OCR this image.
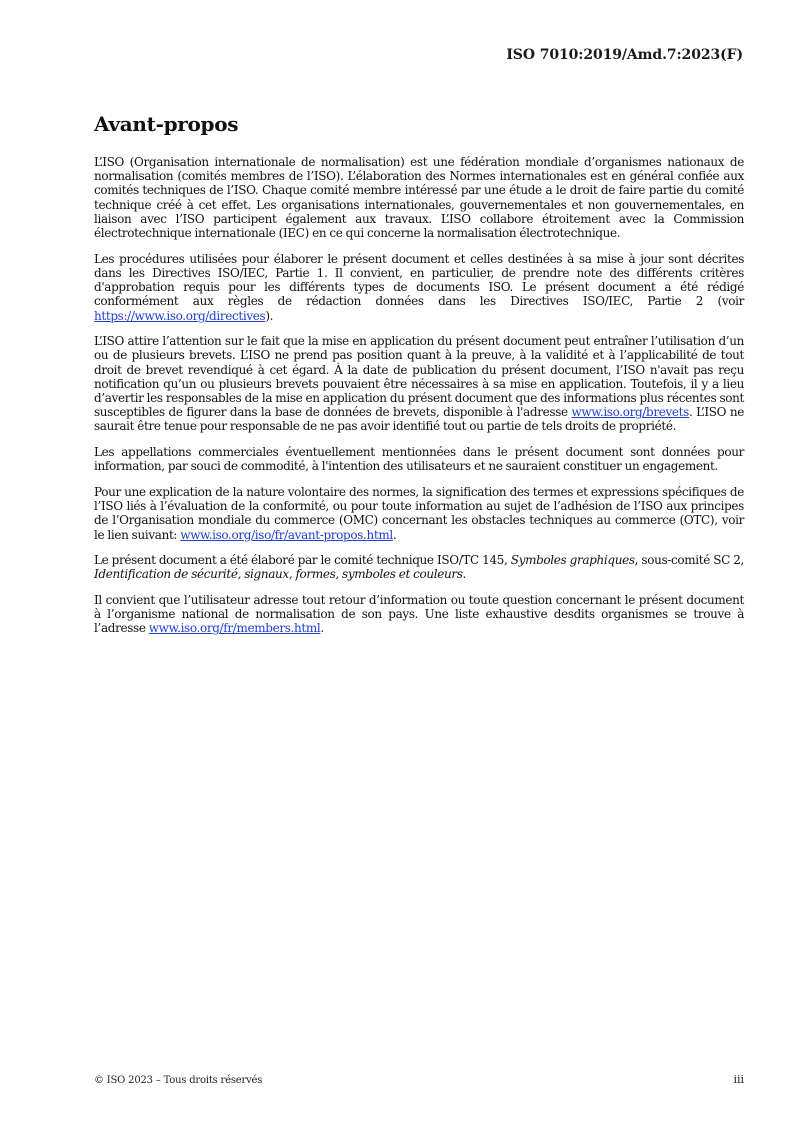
ISO 7010:2019/Amd.7:2023(F)
Avant-propos

L’ISO (Organisation internationale de normalisation) est une fédération mondiale d’organismes nationaux de normalisation (comités membres de l’ISO). L’élaboration des Normes internationales est en général confiée aux comités techniques de l’ISO. Chaque comité membre intéressé par une étude a le droit de faire partie du comité technique créé à cet effet. Les organisations internationales, gouvernementales et non gouvernementales, en liaison avec l’ISO participent également aux travaux. L’ISO collabore étroitement avec la Commission électrotechnique internationale (IEC) en ce qui concerne la normalisation électrotechnique.

Les procédures utilisées pour élaborer le présent document et celles destinées à sa mise à jour sont décrites dans les Directives ISO/IEC, Partie 1. Il convient, en particulier, de prendre note des différents critères d'approbation requis pour les différents types de documents ISO. Le présent document a été rédigé conformément aux règles de rédaction données dans les Directives ISO/IEC, Partie 2 (voir https://www.iso.org/directives).

L’ISO attire l’attention sur le fait que la mise en application du présent document peut entraîner l’utilisation d’un ou de plusieurs brevets. L’ISO ne prend pas position quant à la preuve, à la validité et à l’applicabilité de tout droit de brevet revendiqué à cet égard. À la date de publication du présent document, l’ISO n'avait pas reçu notification qu’un ou plusieurs brevets pouvaient être nécessaires à sa mise en application. Toutefois, il y a lieu d’avertir les responsables de la mise en application du présent document que des informations plus récentes sont susceptibles de figurer dans la base de données de brevets, disponible à l'adresse www.iso.org/brevets. L’ISO ne saurait être tenue pour responsable de ne pas avoir identifié tout ou partie de tels droits de propriété.

Les appellations commerciales éventuellement mentionnées dans le présent document sont données pour information, par souci de commodité, à l'intention des utilisateurs et ne sauraient constituer un engagement.

Pour une explication de la nature volontaire des normes, la signification des termes et expressions spécifiques de l’ISO liés à l’évaluation de la conformité, ou pour toute information au sujet de l’adhésion de l’ISO aux principes de l’Organisation mondiale du commerce (OMC) concernant les obstacles techniques au commerce (OTC), voir le lien suivant: www.iso.org/iso/fr/avant-propos.html.

Le présent document a été élaboré par le comité technique ISO/TC 145, Symboles graphiques, sous-comité SC 2, Identification de sécurité, signaux, formes, symboles et couleurs.

Il convient que l’utilisateur adresse tout retour d’information ou toute question concernant le présent document à l’organisme national de normalisation de son pays. Une liste exhaustive desdits organismes se trouve à l’adresse www.iso.org/fr/members.html.

© ISO 2023 – Tous droits réservés	iii
